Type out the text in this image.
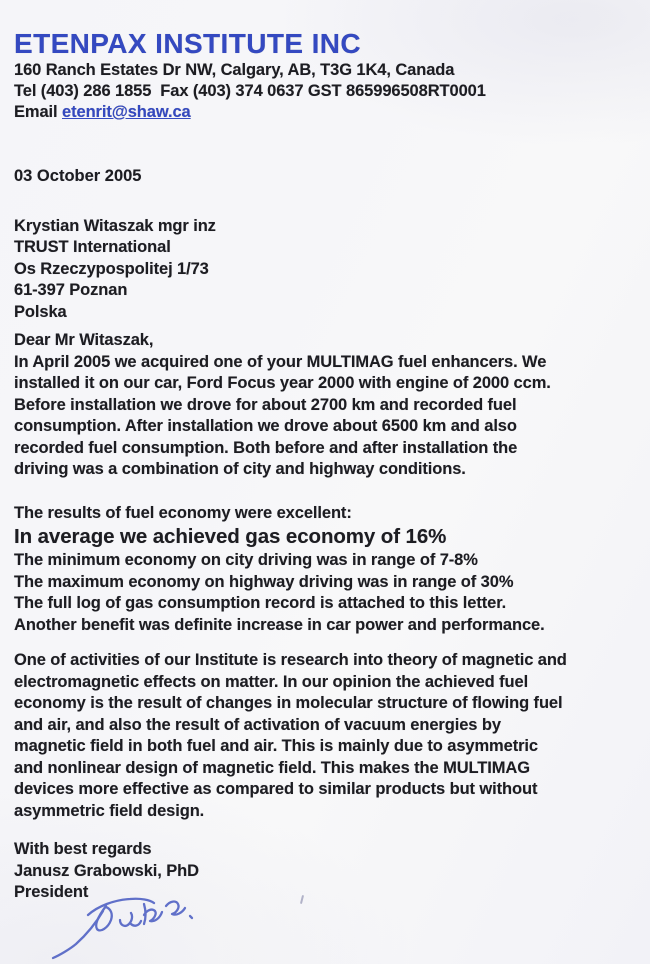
ETENPAX INSTITUTE INC
160 Ranch Estates Dr NW, Calgary, AB, T3G 1K4, Canada
Tel (403) 286 1855  Fax (403) 374 0637 GST 865996508RT0001
Email etenrit@shaw.ca
03 October 2005
Krystian Witaszak mgr inz
TRUST International
Os Rzeczypospolitej 1/73
61-397 Poznan
Polska
Dear Mr Witaszak,
In April 2005 we acquired one of your MULTIMAG fuel enhancers. We
installed it on our car, Ford Focus year 2000 with engine of 2000 ccm.
Before installation we drove for about 2700 km and recorded fuel
consumption. After installation we drove about 6500 km and also
recorded fuel consumption. Both before and after installation the
driving was a combination of city and highway conditions.
The results of fuel economy were excellent:
In average we achieved gas economy of 16%
The minimum economy on city driving was in range of 7-8%
The maximum economy on highway driving was in range of 30%
The full log of gas consumption record is attached to this letter.
Another benefit was definite increase in car power and performance.
One of activities of our Institute is research into theory of magnetic and
electromagnetic effects on matter. In our opinion the achieved fuel
economy is the result of changes in molecular structure of flowing fuel
and air, and also the result of activation of vacuum energies by
magnetic field in both fuel and air. This is mainly due to asymmetric
and nonlinear design of magnetic field. This makes the MULTIMAG
devices more effective as compared to similar products but without
asymmetric field design.
With best regards
Janusz Grabowski, PhD
President
